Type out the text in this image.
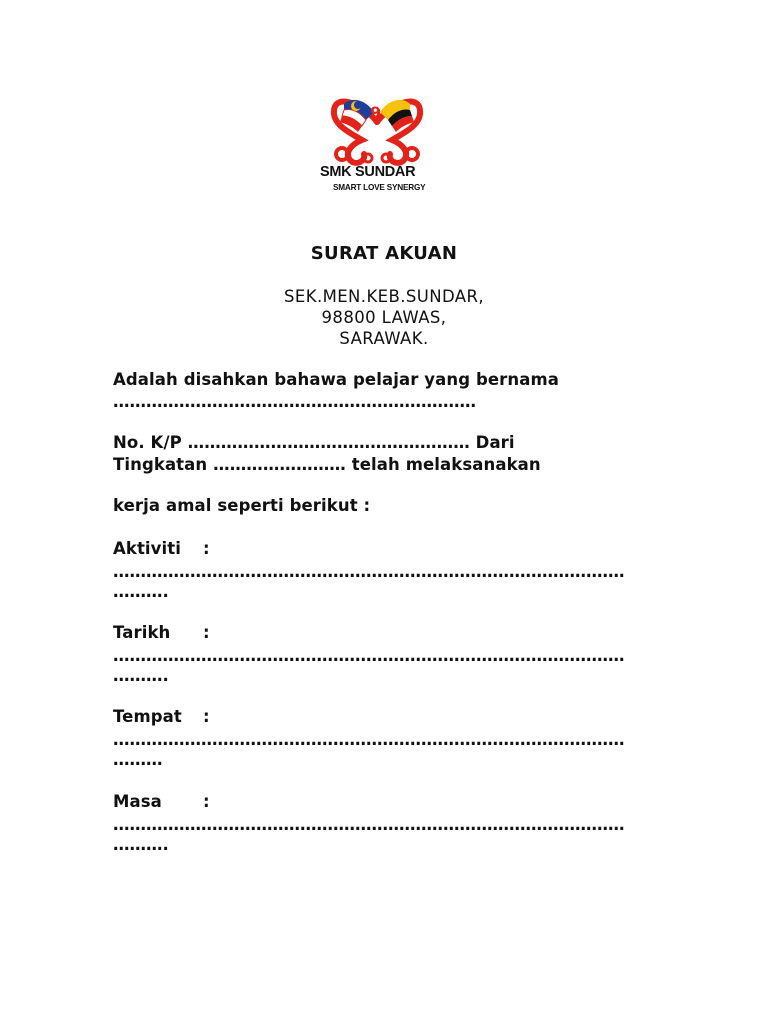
9
SMK SUNDAR
SMART LOVE SYNERGY
SURAT AKUAN
SEK.MEN.KEB.SUNDAR,
98800 LAWAS,
SARAWAK.
Adalah disahkan bahawa pelajar yang bernama
…………………………………………………………
No. K/P …………………………………………… Dari
Tingkatan …………………… telah melaksanakan
kerja amal seperti berikut :
Aktiviti :
…………………………………………………………………………………
……….
Tarikh :
…………………………………………………………………………………
……….
Tempat :
…………………………………………………………………………………
………
Masa :
…………………………………………………………………………………
……….
